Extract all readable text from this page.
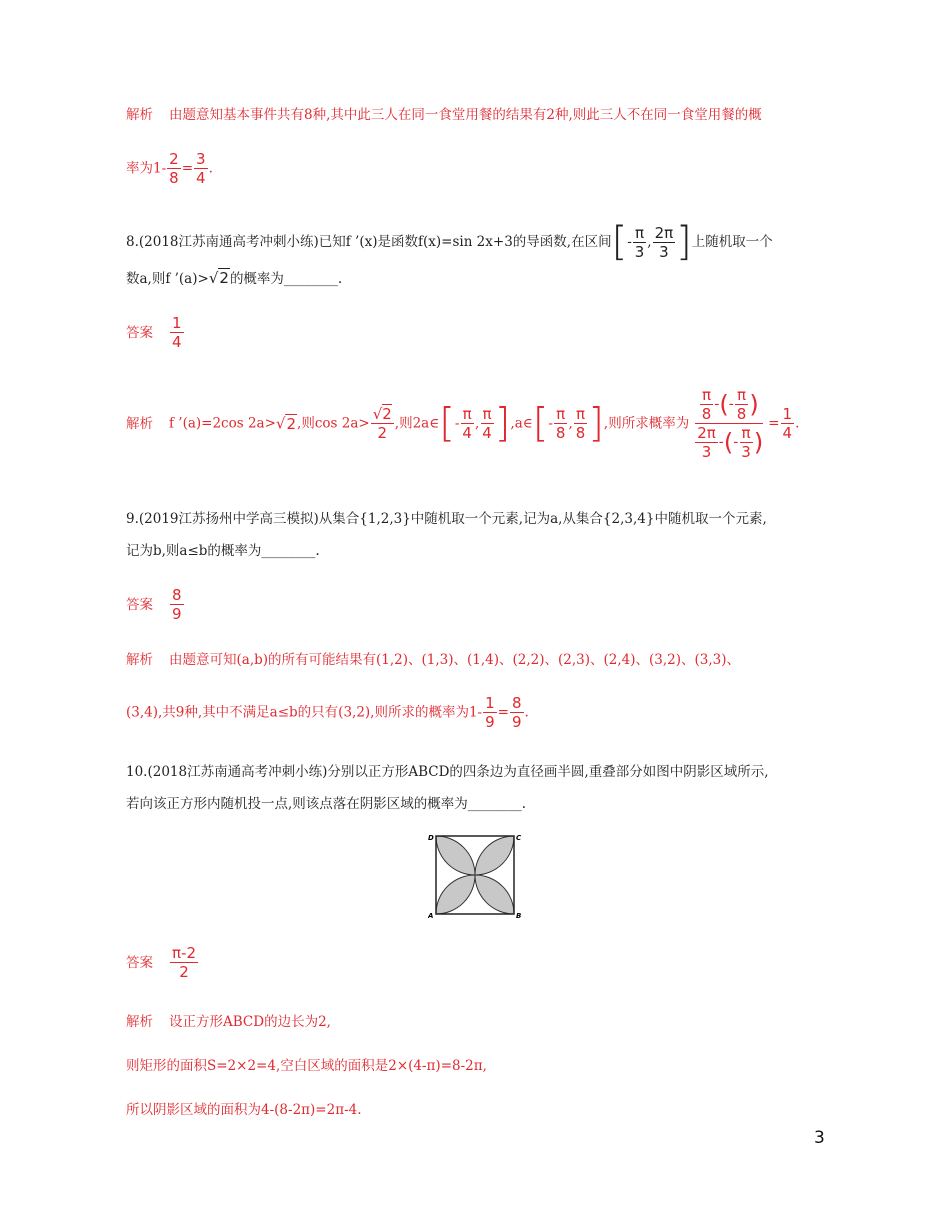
解析 由题意知基本事件共有8种,其中此三人在同一食堂用餐的结果有2种,则此三人不在同一食堂用餐的概
率为$1- \frac{2}{8} = \frac{3}{4}$ .
8.(2018江苏南通高考冲刺小练)已知f ’(x)是函数f(x)=sin 2x+3的导函数,在区间[- $\frac{\pi}{3}$ , $\frac{2\pi}{3}$ ]上随机取一个
数a,则f ’(a)>√2的概率为________.
答案 $\frac{1}{4}$
解析 f ’(a)=2cos 2a>√2,则$\cos 2a> \frac{√2}{2}$ ,则2a∈[- $\frac{\pi}{4}$ , $\frac{\pi}{4}$ ],a∈[- $\frac{\pi}{8}$ , $\frac{\pi}{8}$ ],则所求概率为 $\frac{\frac{\pi}{8} -(- \frac{\pi}{8} )}{\frac{2\pi}{3} -(- \frac{\pi}{3} )} = \frac{1}{4}$ .
9.(2019江苏扬州中学高三模拟)从集合{1,2,3}中随机取一个元素,记为a,从集合{2,3,4}中随机取一个元素,
记为b,则a≤b的概率为________.
答案 $\frac{8}{9}$
解析 由题意可知(a,b)的所有可能结果有(1,2)、(1,3)、(1,4)、(2,2)、(2,3)、(2,4)、(3,2)、(3,3)、
(3,4),共9种,其中不满足a≤b的只有(3,2),则所求的概率为$1- \frac{1}{9} = \frac{8}{9}$ .
10.(2018江苏南通高考冲刺小练)分别以正方形ABCD的四条边为直径画半圆,重叠部分如图中阴影区域所示,
若向该正方形内随机投一点,则该点落在阴影区域的概率为________.
D	C
A	B
答案 $\frac{\pi-2}{2}$
解析 设正方形ABCD的边长为2,
则矩形的面积S=2×2=4,空白区域的面积是2×(4-π)=8-2π,
所以阴影区域的面积为4-(8-2π)=2π-4.
3
